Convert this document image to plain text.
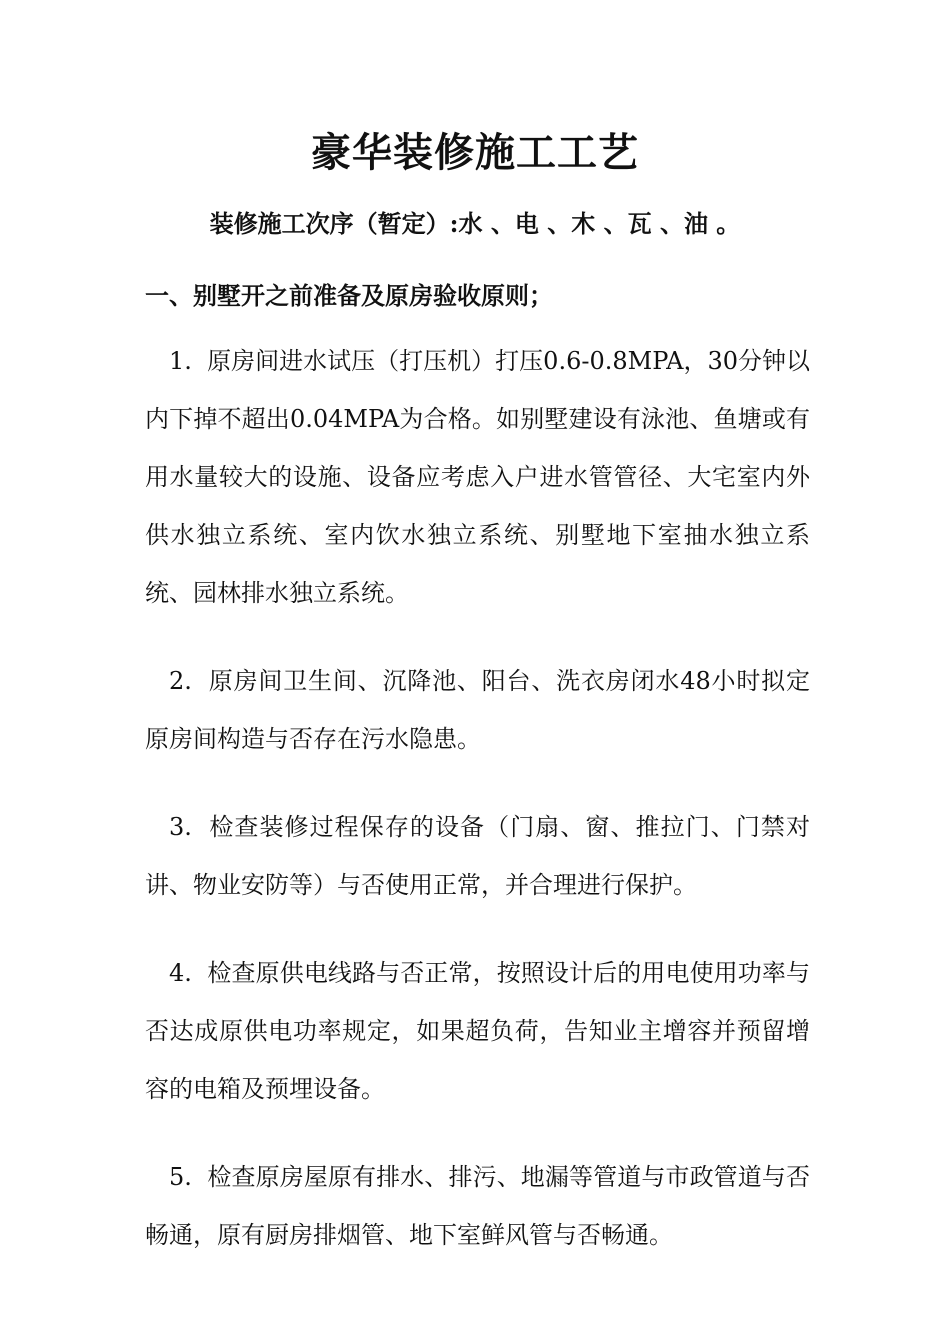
豪华装修施工工艺
装修施工次序（暂定）:水 、电 、木 、瓦 、油 。
一、别墅开之前准备及原房验收原则；

1. 原房间进水试压（打压机）打压0.6-0.8MPA，30分钟以内下掉不超出0.04MPA为合格。如别墅建设有泳池、鱼塘或有用水量较大的设施、设备应考虑入户进水管管径、大宅室内外供水独立系统、室内饮水独立系统、别墅地下室抽水独立系统、园林排水独立系统。

2. 原房间卫生间、沉降池、阳台、洗衣房闭水48小时拟定原房间构造与否存在污水隐患。

3. 检查装修过程保存的设备（门扇、窗、推拉门、门禁对讲、物业安防等）与否使用正常，并合理进行保护。

4. 检查原供电线路与否正常，按照设计后的用电使用功率与否达成原供电功率规定，如果超负荷，告知业主增容并预留增容的电箱及预埋设备。

5. 检查原房屋原有排水、排污、地漏等管道与市政管道与否畅通，原有厨房排烟管、地下室鲜风管与否畅通。
